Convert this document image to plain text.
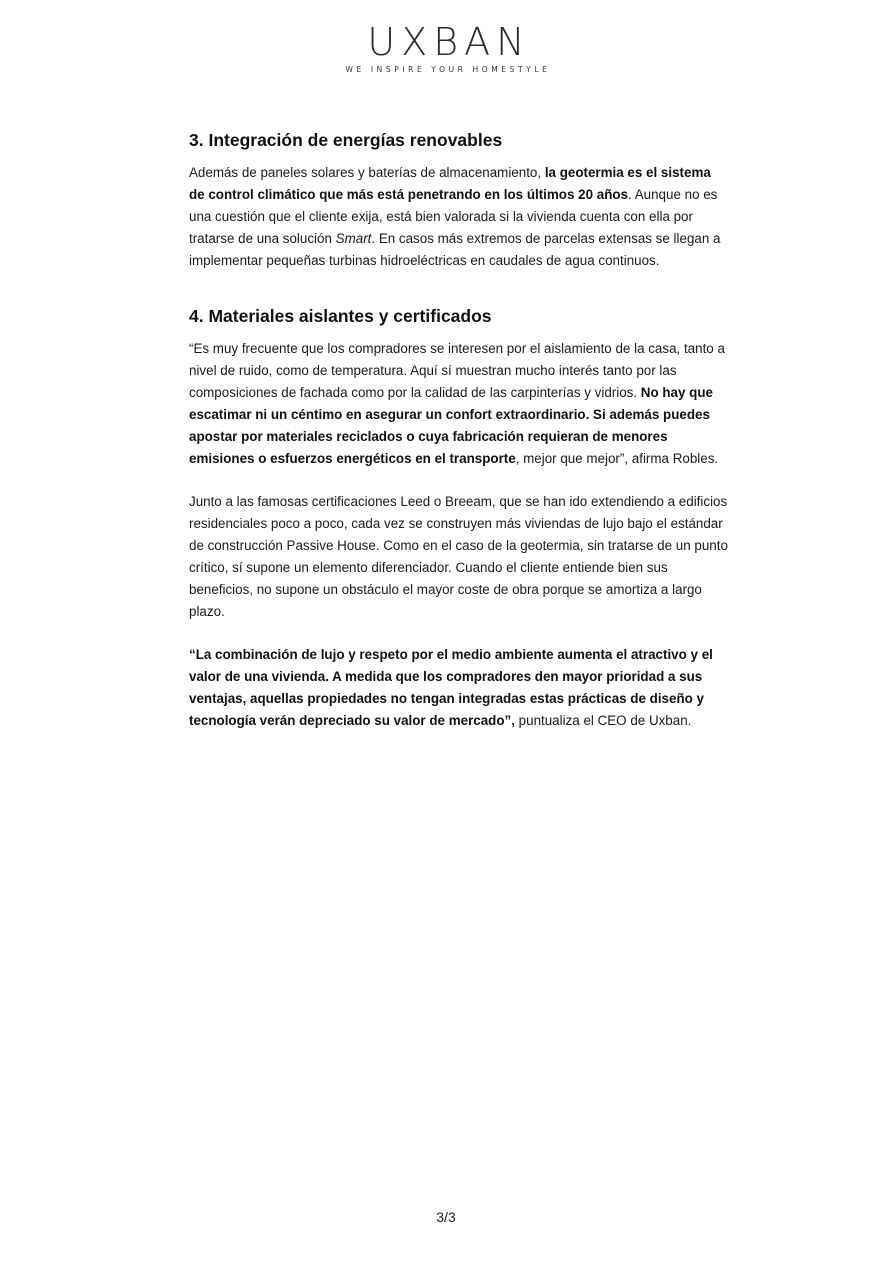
UXBAN
WE INSPIRE YOUR HOMESTYLE
3. Integración de energías renovables

Además de paneles solares y baterías de almacenamiento, la geotermia es el sistema de control climático que más está penetrando en los últimos 20 años. Aunque no es una cuestión que el cliente exija, está bien valorada si la vivienda cuenta con ella por tratarse de una solución Smart. En casos más extremos de parcelas extensas se llegan a implementar pequeñas turbinas hidroeléctricas en caudales de agua continuos.

4. Materiales aislantes y certificados

“Es muy frecuente que los compradores se interesen por el aislamiento de la casa, tanto a nivel de ruido, como de temperatura. Aquí sí muestran mucho interés tanto por las composiciones de fachada como por la calidad de las carpinterías y vidrios. No hay que escatimar ni un céntimo en asegurar un confort extraordinario. Si además puedes apostar por materiales reciclados o cuya fabricación requieran de menores emisiones o esfuerzos energéticos en el transporte, mejor que mejor”, afirma Robles.

Junto a las famosas certificaciones Leed o Breeam, que se han ido extendiendo a edificios residenciales poco a poco, cada vez se construyen más viviendas de lujo bajo el estándar de construcción Passive House. Como en el caso de la geotermia, sin tratarse de un punto crítico, sí supone un elemento diferenciador. Cuando el cliente entiende bien sus beneficios, no supone un obstáculo el mayor coste de obra porque se amortiza a largo plazo.

“La combinación de lujo y respeto por el medio ambiente aumenta el atractivo y el valor de una vivienda. A medida que los compradores den mayor prioridad a sus ventajas, aquellas propiedades no tengan integradas estas prácticas de diseño y tecnología verán depreciado su valor de mercado”, puntualiza el CEO de Uxban.

3/3
